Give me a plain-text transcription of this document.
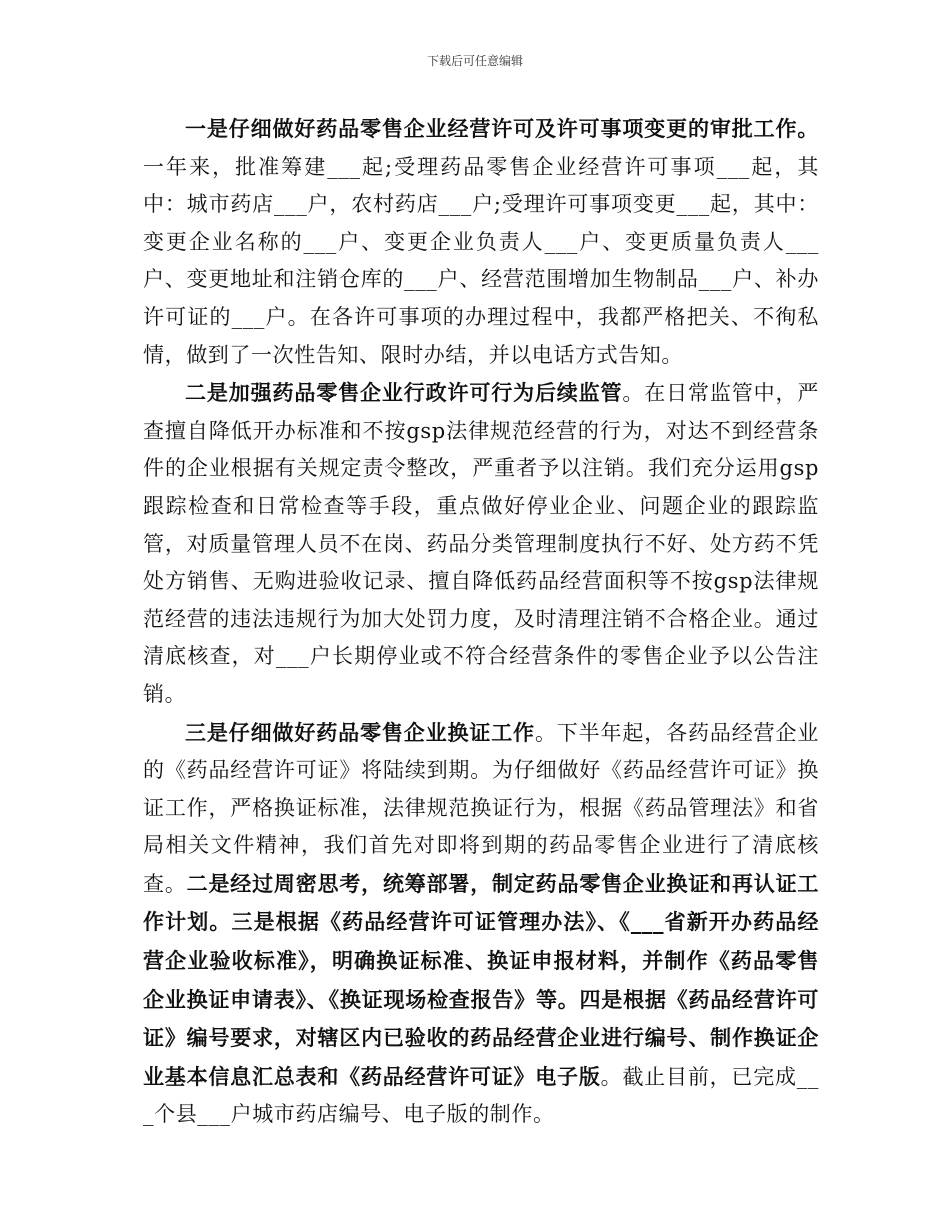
下载后可任意编辑

一是仔细做好药品零售企业经营许可及许可事项变更的审批工作。一年来，批准筹建___起;受理药品零售企业经营许可事项___起，其中：城市药店___户，农村药店___户;受理许可事项变更___起，其中：变更企业名称的___户、变更企业负责人___户、变更质量负责人___户、变更地址和注销仓库的___户、经营范围增加生物制品___户、补办许可证的___户。在各许可事项的办理过程中，我都严格把关、不徇私情，做到了一次性告知、限时办结，并以电话方式告知。

二是加强药品零售企业行政许可行为后续监管。在日常监管中，严查擅自降低开办标准和不按gsp法律规范经营的行为，对达不到经营条件的企业根据有关规定责令整改，严重者予以注销。我们充分运用gsp跟踪检查和日常检查等手段，重点做好停业企业、问题企业的跟踪监管，对质量管理人员不在岗、药品分类管理制度执行不好、处方药不凭处方销售、无购进验收记录、擅自降低药品经营面积等不按gsp法律规范经营的违法违规行为加大处罚力度，及时清理注销不合格企业。通过清底核查，对___户长期停业或不符合经营条件的零售企业予以公告注销。

三是仔细做好药品零售企业换证工作。下半年起，各药品经营企业的《药品经营许可证》将陆续到期。为仔细做好《药品经营许可证》换证工作，严格换证标准，法律规范换证行为，根据《药品管理法》和省局相关文件精神，我们首先对即将到期的药品零售企业进行了清底核查。二是经过周密思考，统筹部署，制定药品零售企业换证和再认证工作计划。三是根据《药品经营许可证管理办法》、《___省新开办药品经营企业验收标准》，明确换证标准、换证申报材料，并制作《药品零售企业换证申请表》、《换证现场检查报告》等。四是根据《药品经营许可证》编号要求，对辖区内已验收的药品经营企业进行编号、制作换证企业基本信息汇总表和《药品经营许可证》电子版。截止目前，已完成___个县___户城市药店编号、电子版的制作。
